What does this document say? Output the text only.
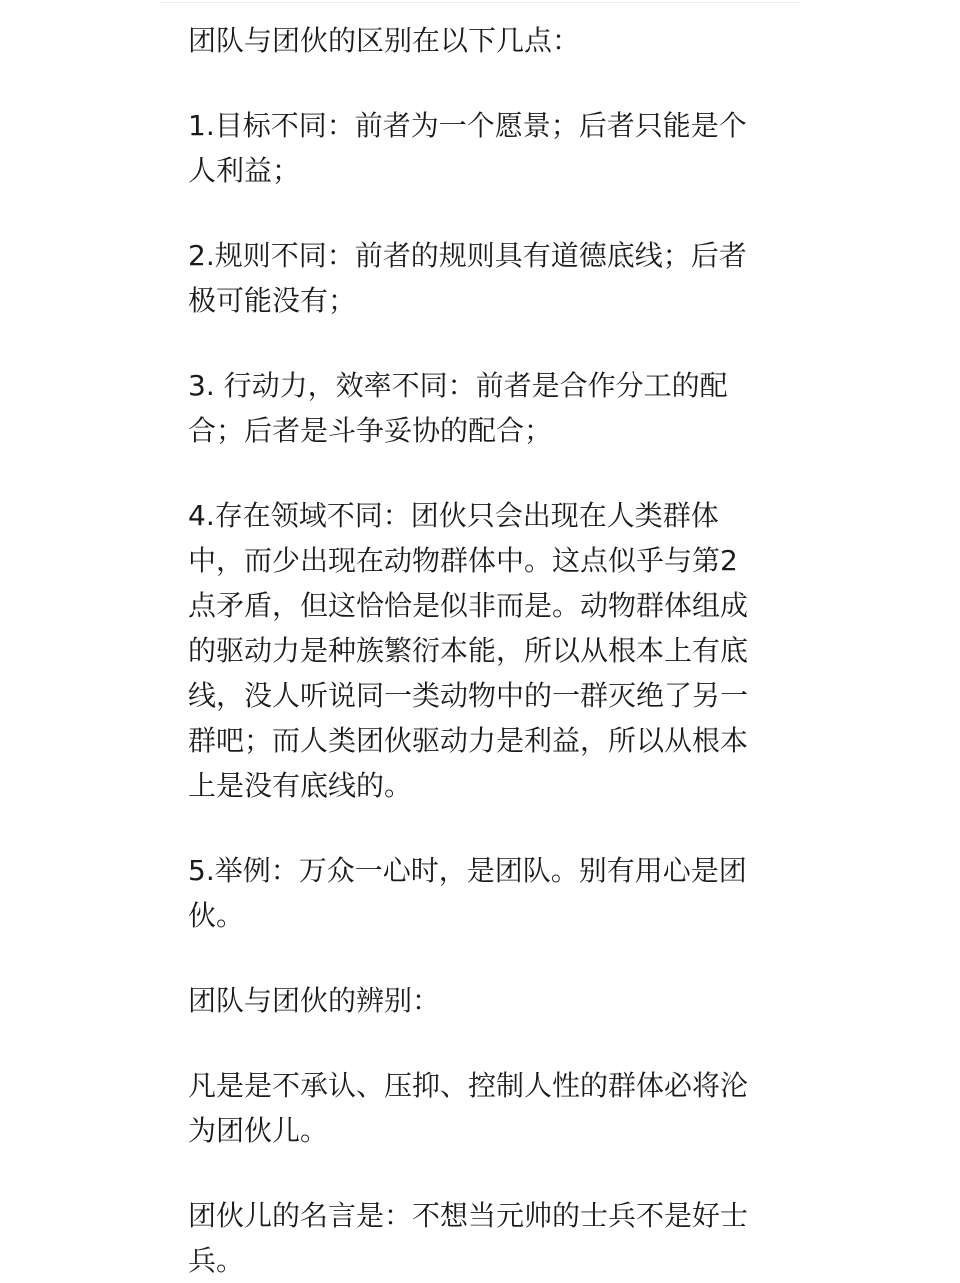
团队与团伙的区别在以下几点：

1.目标不同：前者为一个愿景；后者只能是个
人利益；

2.规则不同：前者的规则具有道德底线；后者
极可能没有；

3. 行动力，效率不同：前者是合作分工的配
合；后者是斗争妥协的配合；

4.存在领域不同：团伙只会出现在人类群体
中，而少出现在动物群体中。这点似乎与第2
点矛盾，但这恰恰是似非而是。动物群体组成
的驱动力是种族繁衍本能，所以从根本上有底
线，没人听说同一类动物中的一群灭绝了另一
群吧；而人类团伙驱动力是利益，所以从根本
上是没有底线的。

5.举例：万众一心时，是团队。别有用心是团
伙。

团队与团伙的辨别：

凡是是不承认、压抑、控制人性的群体必将沦
为团伙儿。

团伙儿的名言是：不想当元帅的士兵不是好士
兵。
